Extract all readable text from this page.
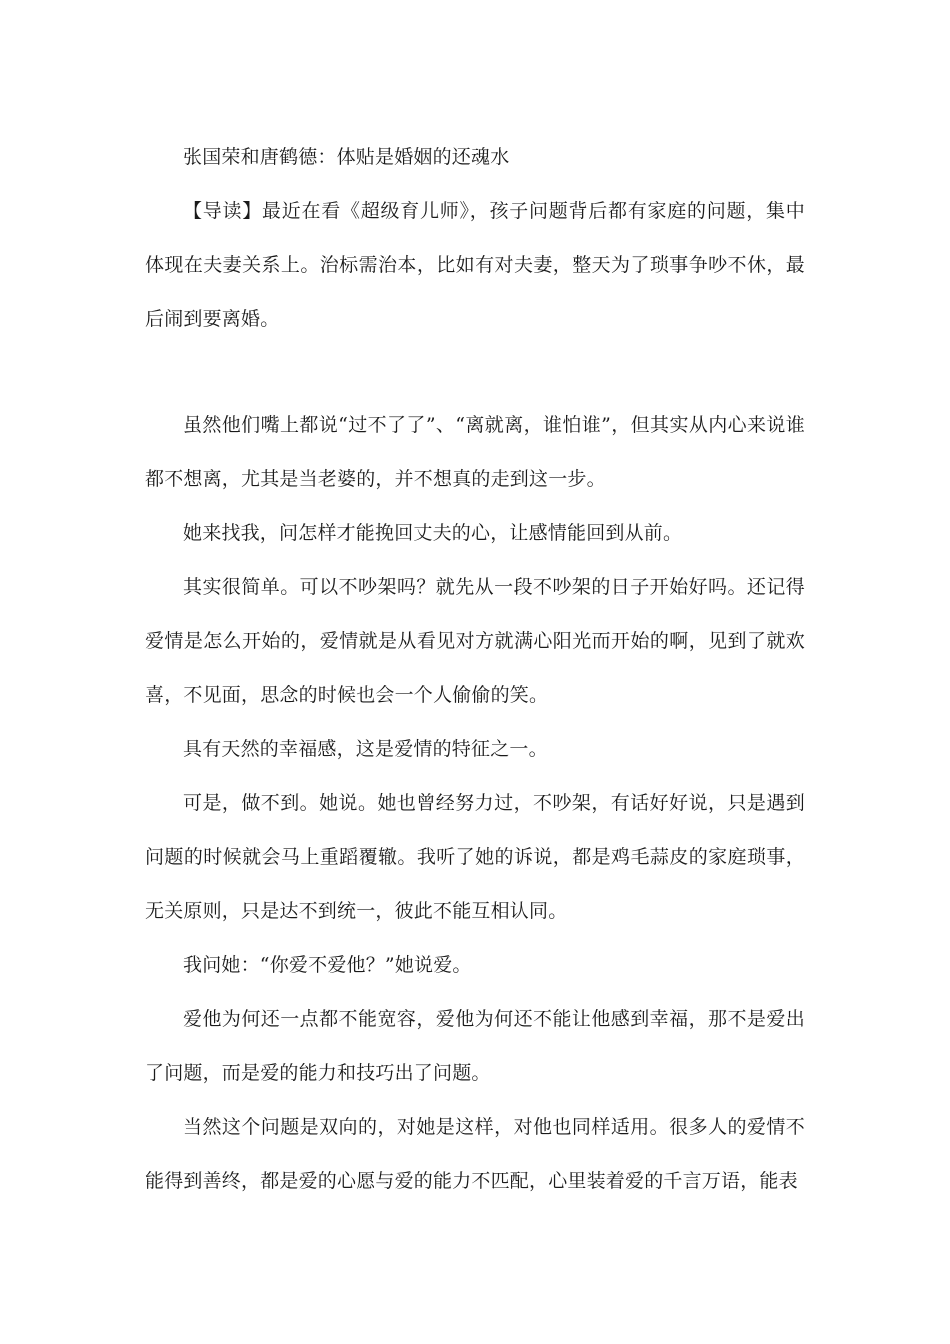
张国荣和唐鹤德：体贴是婚姻的还魂水

【导读】最近在看《超级育儿师》，孩子问题背后都有家庭的问题，集中体现在夫妻关系上。治标需治本，比如有对夫妻，整天为了琐事争吵不休，最后闹到要离婚。

虽然他们嘴上都说“过不了了”、“离就离，谁怕谁”，但其实从内心来说谁都不想离，尤其是当老婆的，并不想真的走到这一步。

她来找我，问怎样才能挽回丈夫的心，让感情能回到从前。

其实很简单。可以不吵架吗？就先从一段不吵架的日子开始好吗。还记得爱情是怎么开始的，爱情就是从看见对方就满心阳光而开始的啊，见到了就欢喜，不见面，思念的时候也会一个人偷偷的笑。

具有天然的幸福感，这是爱情的特征之一。

可是，做不到。她说。她也曾经努力过，不吵架，有话好好说，只是遇到问题的时候就会马上重蹈覆辙。我听了她的诉说，都是鸡毛蒜皮的家庭琐事，无关原则，只是达不到统一，彼此不能互相认同。

我问她：“你爱不爱他？”她说爱。

爱他为何还一点都不能宽容，爱他为何还不能让他感到幸福，那不是爱出了问题，而是爱的能力和技巧出了问题。

当然这个问题是双向的，对她是这样，对他也同样适用。很多人的爱情不能得到善终，都是爱的心愿与爱的能力不匹配，心里装着爱的千言万语，能表
